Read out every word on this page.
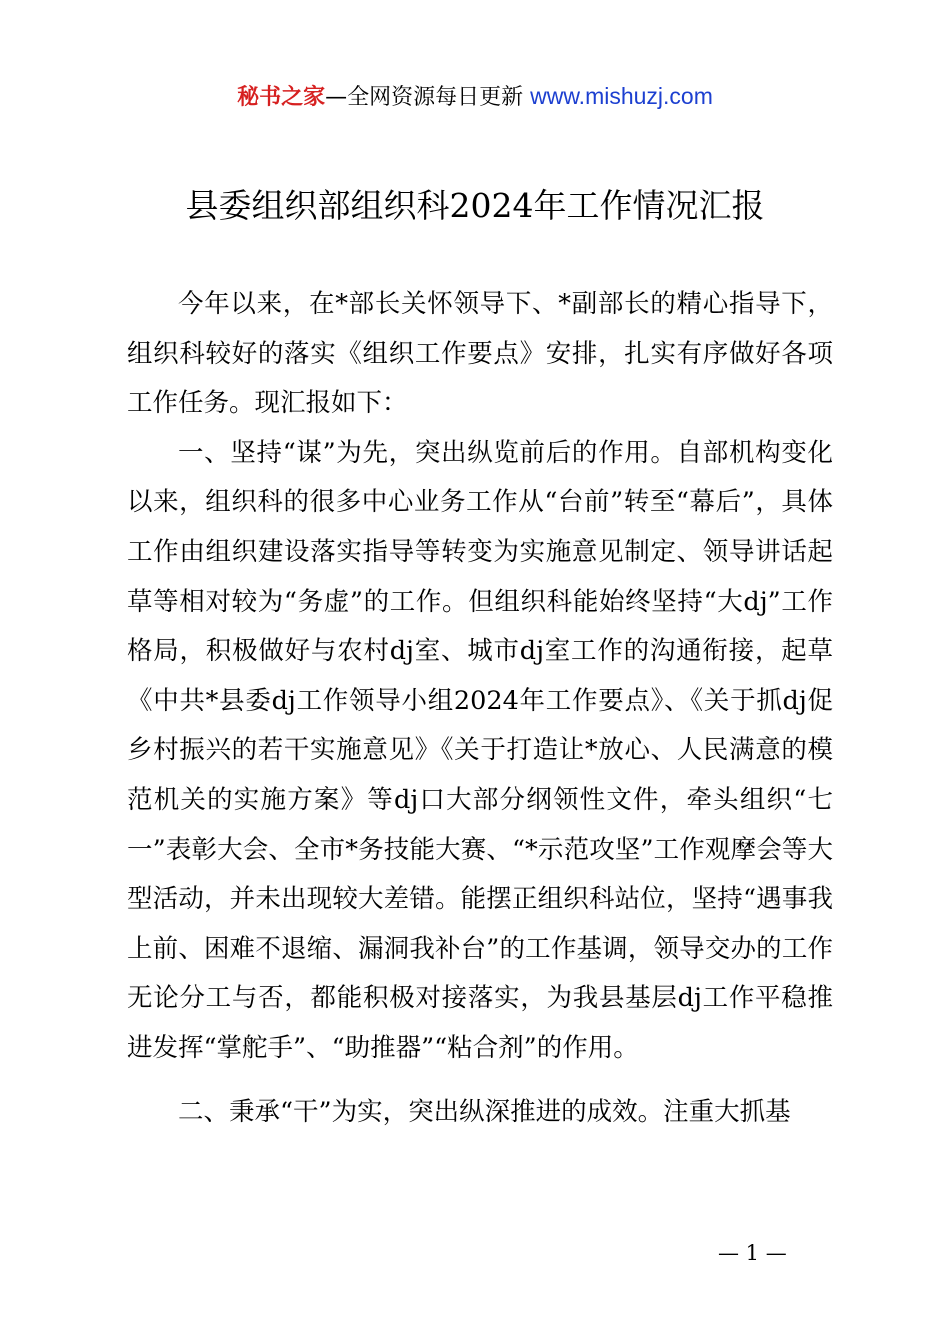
秘书之家—全网资源每日更新 www.mishuzj.com
县委组织部组织科2024年工作情况汇报

今年以来，在*部长关怀领导下、*副部长的精心指导下，组织科较好的落实《组织工作要点》安排，扎实有序做好各项工作任务。现汇报如下：

一、坚持“谋”为先，突出纵览前后的作用。自部机构变化以来，组织科的很多中心业务工作从“台前”转至“幕后”，具体工作由组织建设落实指导等转变为实施意见制定、领导讲话起草等相对较为“务虚”的工作。但组织科能始终坚持“大dj”工作格局，积极做好与农村dj室、城市dj室工作的沟通衔接，起草《中共*县委dj工作领导小组2024年工作要点》、《关于抓dj促乡村振兴的若干实施意见》《关于打造让*放心、人民满意的模范机关的实施方案》等dj口大部分纲领性文件，牵头组织“七一”表彰大会、全市*务技能大赛、“*示范攻坚”工作观摩会等大型活动，并未出现较大差错。能摆正组织科站位，坚持“遇事我上前、困难不退缩、漏洞我补台”的工作基调，领导交办的工作无论分工与否，都能积极对接落实，为我县基层dj工作平稳推进发挥“掌舵手”、“助推器”“粘合剂”的作用。

二、秉承“干”为实，突出纵深推进的成效。注重大抓基

— 1 —
